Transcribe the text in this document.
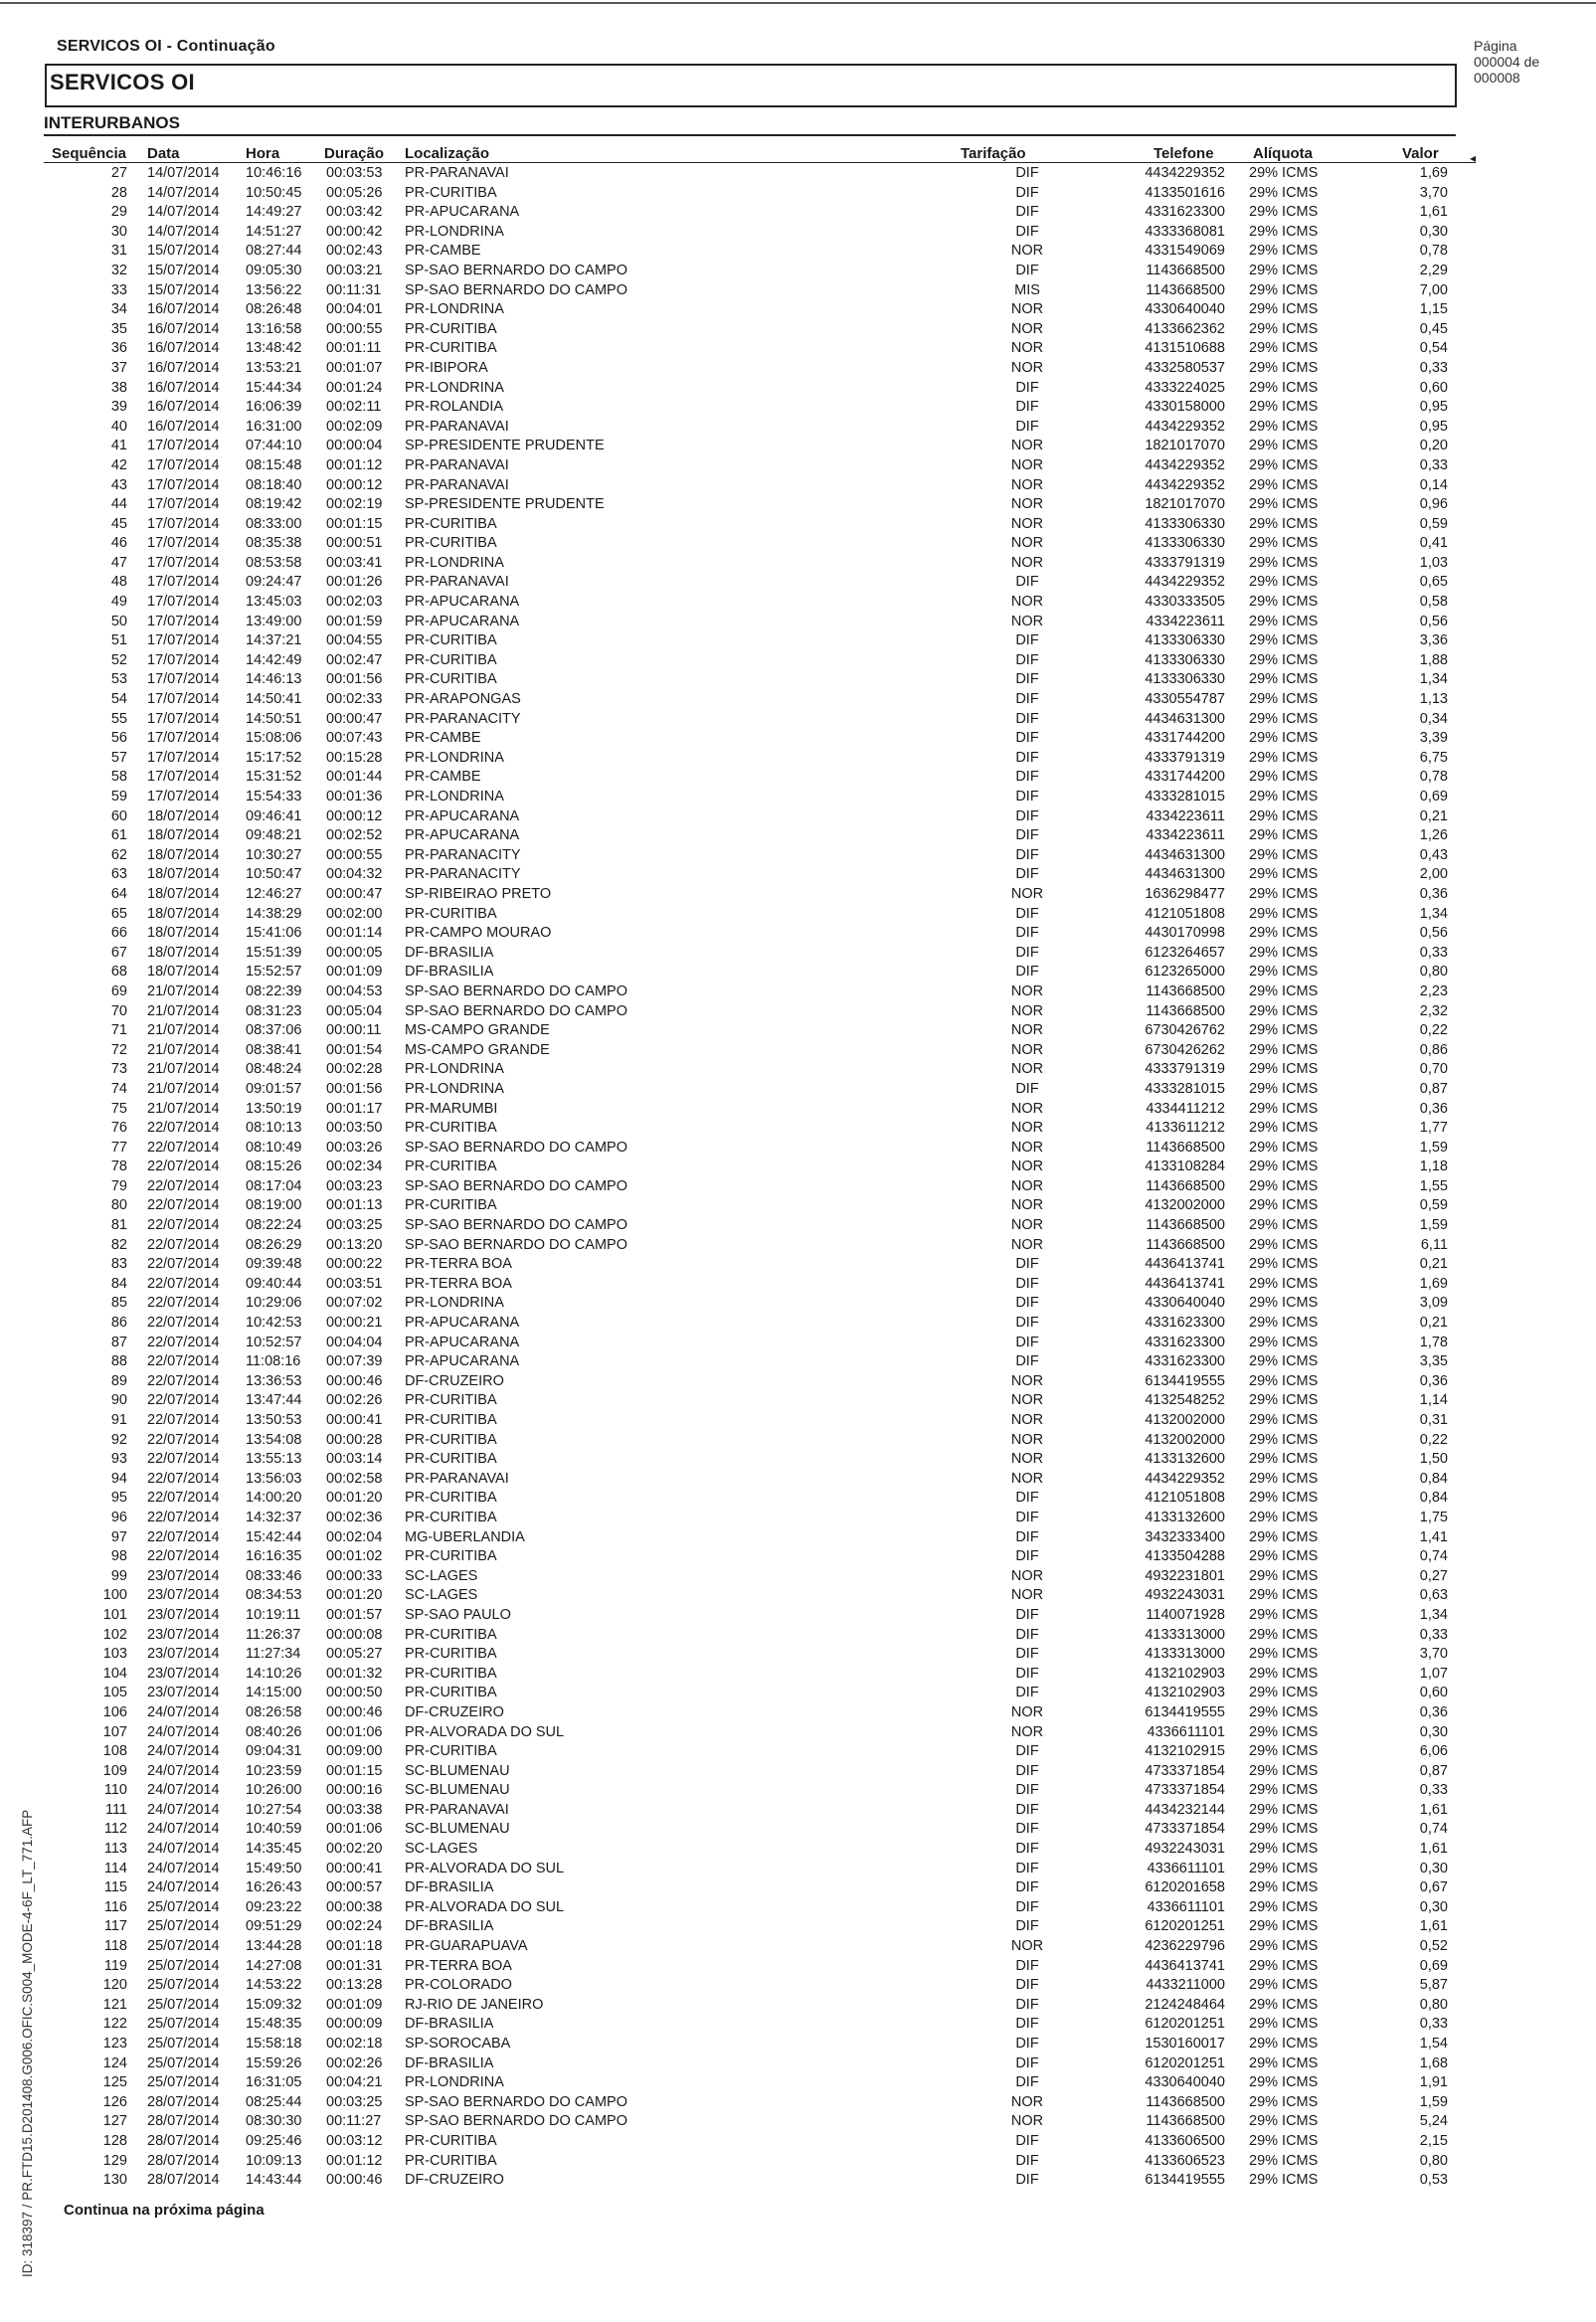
SERVICOS OI - Continuação
SERVICOS OI
INTERURBANOS
Página
000004 de
000008
Sequência Data	Hora	Duração Localização	Tarifação	Telefone	Alíquota	Valor	◂
27 14/07/2014 10:46:16 00:03:53 PR-PARANAVAI	DIF	4434229352 29% ICMS	1,69
28 14/07/2014 10:50:45 00:05:26 PR-CURITIBA	DIF	4133501616 29% ICMS	3,70
29 14/07/2014 14:49:27 00:03:42 PR-APUCARANA	DIF	4331623300 29% ICMS	1,61
30 14/07/2014 14:51:27 00:00:42 PR-LONDRINA	DIF	4333368081 29% ICMS	0,30
31 15/07/2014 08:27:44 00:02:43 PR-CAMBE	NOR	4331549069 29% ICMS	0,78
32 15/07/2014 09:05:30 00:03:21 SP-SAO BERNARDO DO CAMPO	DIF	1143668500 29% ICMS	2,29
33 15/07/2014 13:56:22 00:11:31 SP-SAO BERNARDO DO CAMPO	MIS	1143668500 29% ICMS	7,00
34 16/07/2014 08:26:48 00:04:01 PR-LONDRINA	NOR	4330640040 29% ICMS	1,15
35 16/07/2014 13:16:58 00:00:55 PR-CURITIBA	NOR	4133662362 29% ICMS	0,45
36 16/07/2014 13:48:42 00:01:11 PR-CURITIBA	NOR	4131510688 29% ICMS	0,54
37 16/07/2014 13:53:21 00:01:07 PR-IBIPORA	NOR	4332580537 29% ICMS	0,33
38 16/07/2014 15:44:34 00:01:24 PR-LONDRINA	DIF	4333224025 29% ICMS	0,60
39 16/07/2014 16:06:39 00:02:11 PR-ROLANDIA	DIF	4330158000 29% ICMS	0,95
40 16/07/2014 16:31:00 00:02:09 PR-PARANAVAI	DIF	4434229352 29% ICMS	0,95
41 17/07/2014 07:44:10 00:00:04 SP-PRESIDENTE PRUDENTE	NOR	1821017070 29% ICMS	0,20
42 17/07/2014 08:15:48 00:01:12 PR-PARANAVAI	NOR	4434229352 29% ICMS	0,33
43 17/07/2014 08:18:40 00:00:12 PR-PARANAVAI	NOR	4434229352 29% ICMS	0,14
44 17/07/2014 08:19:42 00:02:19 SP-PRESIDENTE PRUDENTE	NOR	1821017070 29% ICMS	0,96
45 17/07/2014 08:33:00 00:01:15 PR-CURITIBA	NOR	4133306330 29% ICMS	0,59
46 17/07/2014 08:35:38 00:00:51 PR-CURITIBA	NOR	4133306330 29% ICMS	0,41
47 17/07/2014 08:53:58 00:03:41 PR-LONDRINA	NOR	4333791319 29% ICMS	1,03
48 17/07/2014 09:24:47 00:01:26 PR-PARANAVAI	DIF	4434229352 29% ICMS	0,65
49 17/07/2014 13:45:03 00:02:03 PR-APUCARANA	NOR	4330333505 29% ICMS	0,58
50 17/07/2014 13:49:00 00:01:59 PR-APUCARANA	NOR	4334223611 29% ICMS	0,56
51 17/07/2014 14:37:21 00:04:55 PR-CURITIBA	DIF	4133306330 29% ICMS	3,36
52 17/07/2014 14:42:49 00:02:47 PR-CURITIBA	DIF	4133306330 29% ICMS	1,88
53 17/07/2014 14:46:13 00:01:56 PR-CURITIBA	DIF	4133306330 29% ICMS	1,34
54 17/07/2014 14:50:41 00:02:33 PR-ARAPONGAS	DIF	4330554787 29% ICMS	1,13
55 17/07/2014 14:50:51 00:00:47 PR-PARANACITY	DIF	4434631300 29% ICMS	0,34
56 17/07/2014 15:08:06 00:07:43 PR-CAMBE	DIF	4331744200 29% ICMS	3,39
57 17/07/2014 15:17:52 00:15:28 PR-LONDRINA	DIF	4333791319 29% ICMS	6,75
58 17/07/2014 15:31:52 00:01:44 PR-CAMBE	DIF	4331744200 29% ICMS	0,78
59 17/07/2014 15:54:33 00:01:36 PR-LONDRINA	DIF	4333281015 29% ICMS	0,69
60 18/07/2014 09:46:41 00:00:12 PR-APUCARANA	DIF	4334223611 29% ICMS	0,21
61 18/07/2014 09:48:21 00:02:52 PR-APUCARANA	DIF	4334223611 29% ICMS	1,26
62 18/07/2014 10:30:27 00:00:55 PR-PARANACITY	DIF	4434631300 29% ICMS	0,43
63 18/07/2014 10:50:47 00:04:32 PR-PARANACITY	DIF	4434631300 29% ICMS	2,00
64 18/07/2014 12:46:27 00:00:47 SP-RIBEIRAO PRETO	NOR	1636298477 29% ICMS	0,36
65 18/07/2014 14:38:29 00:02:00 PR-CURITIBA	DIF	4121051808 29% ICMS	1,34
66 18/07/2014 15:41:06 00:01:14 PR-CAMPO MOURAO	DIF	4430170998 29% ICMS	0,56
67 18/07/2014 15:51:39 00:00:05 DF-BRASILIA	DIF	6123264657 29% ICMS	0,33
68 18/07/2014 15:52:57 00:01:09 DF-BRASILIA	DIF	6123265000 29% ICMS	0,80
69 21/07/2014 08:22:39 00:04:53 SP-SAO BERNARDO DO CAMPO	NOR	1143668500 29% ICMS	2,23
70 21/07/2014 08:31:23 00:05:04 SP-SAO BERNARDO DO CAMPO	NOR	1143668500 29% ICMS	2,32
71 21/07/2014 08:37:06 00:00:11 MS-CAMPO GRANDE	NOR	6730426762 29% ICMS	0,22
72 21/07/2014 08:38:41 00:01:54 MS-CAMPO GRANDE	NOR	6730426262 29% ICMS	0,86
73 21/07/2014 08:48:24 00:02:28 PR-LONDRINA	NOR	4333791319 29% ICMS	0,70
74 21/07/2014 09:01:57 00:01:56 PR-LONDRINA	DIF	4333281015 29% ICMS	0,87
75 21/07/2014 13:50:19 00:01:17 PR-MARUMBI	NOR	4334411212 29% ICMS	0,36
76 22/07/2014 08:10:13 00:03:50 PR-CURITIBA	NOR	4133611212 29% ICMS	1,77
77 22/07/2014 08:10:49 00:03:26 SP-SAO BERNARDO DO CAMPO	NOR	1143668500 29% ICMS	1,59
78 22/07/2014 08:15:26 00:02:34 PR-CURITIBA	NOR	4133108284 29% ICMS	1,18
79 22/07/2014 08:17:04 00:03:23 SP-SAO BERNARDO DO CAMPO	NOR	1143668500 29% ICMS	1,55
80 22/07/2014 08:19:00 00:01:13 PR-CURITIBA	NOR	4132002000 29% ICMS	0,59
81 22/07/2014 08:22:24 00:03:25 SP-SAO BERNARDO DO CAMPO	NOR	1143668500 29% ICMS	1,59
82 22/07/2014 08:26:29 00:13:20 SP-SAO BERNARDO DO CAMPO	NOR	1143668500 29% ICMS	6,11
83 22/07/2014 09:39:48 00:00:22 PR-TERRA BOA	DIF	4436413741 29% ICMS	0,21
84 22/07/2014 09:40:44 00:03:51 PR-TERRA BOA	DIF	4436413741 29% ICMS	1,69
85 22/07/2014 10:29:06 00:07:02 PR-LONDRINA	DIF	4330640040 29% ICMS	3,09
86 22/07/2014 10:42:53 00:00:21 PR-APUCARANA	DIF	4331623300 29% ICMS	0,21
87 22/07/2014 10:52:57 00:04:04 PR-APUCARANA	DIF	4331623300 29% ICMS	1,78
88 22/07/2014 11:08:16 00:07:39 PR-APUCARANA	DIF	4331623300 29% ICMS	3,35
89 22/07/2014 13:36:53 00:00:46 DF-CRUZEIRO	NOR	6134419555 29% ICMS	0,36
90 22/07/2014 13:47:44 00:02:26 PR-CURITIBA	NOR	4132548252 29% ICMS	1,14
91 22/07/2014 13:50:53 00:00:41 PR-CURITIBA	NOR	4132002000 29% ICMS	0,31
92 22/07/2014 13:54:08 00:00:28 PR-CURITIBA	NOR	4132002000 29% ICMS	0,22
93 22/07/2014 13:55:13 00:03:14 PR-CURITIBA	NOR	4133132600 29% ICMS	1,50
94 22/07/2014 13:56:03 00:02:58 PR-PARANAVAI	NOR	4434229352 29% ICMS	0,84
95 22/07/2014 14:00:20 00:01:20 PR-CURITIBA	DIF	4121051808 29% ICMS	0,84
96 22/07/2014 14:32:37 00:02:36 PR-CURITIBA	DIF	4133132600 29% ICMS	1,75
97 22/07/2014 15:42:44 00:02:04 MG-UBERLANDIA	DIF	3432333400 29% ICMS	1,41
98 22/07/2014 16:16:35 00:01:02 PR-CURITIBA	DIF	4133504288 29% ICMS	0,74
99 23/07/2014 08:33:46 00:00:33 SC-LAGES	NOR	4932231801 29% ICMS	0,27
100 23/07/2014 08:34:53 00:01:20 SC-LAGES	NOR	4932243031 29% ICMS	0,63
101 23/07/2014 10:19:11 00:01:57 SP-SAO PAULO	DIF	1140071928 29% ICMS	1,34
102 23/07/2014 11:26:37 00:00:08 PR-CURITIBA	DIF	4133313000 29% ICMS	0,33
103 23/07/2014 11:27:34 00:05:27 PR-CURITIBA	DIF	4133313000 29% ICMS	3,70
104 23/07/2014 14:10:26 00:01:32 PR-CURITIBA	DIF	4132102903 29% ICMS	1,07
105 23/07/2014 14:15:00 00:00:50 PR-CURITIBA	DIF	4132102903 29% ICMS	0,60
106 24/07/2014 08:26:58 00:00:46 DF-CRUZEIRO	NOR	6134419555 29% ICMS	0,36
107 24/07/2014 08:40:26 00:01:06 PR-ALVORADA DO SUL	NOR	4336611101 29% ICMS	0,30
108 24/07/2014 09:04:31 00:09:00 PR-CURITIBA	DIF	4132102915 29% ICMS	6,06
109 24/07/2014 10:23:59 00:01:15 SC-BLUMENAU	DIF	4733371854 29% ICMS	0,87
110 24/07/2014 10:26:00 00:00:16 SC-BLUMENAU	DIF	4733371854 29% ICMS	0,33
111 24/07/2014 10:27:54 00:03:38 PR-PARANAVAI	DIF	4434232144 29% ICMS	1,61
112 24/07/2014 10:40:59 00:01:06 SC-BLUMENAU	DIF	4733371854 29% ICMS	0,74
113 24/07/2014 14:35:45 00:02:20 SC-LAGES	DIF	4932243031 29% ICMS	1,61
114 24/07/2014 15:49:50 00:00:41 PR-ALVORADA DO SUL	DIF	4336611101 29% ICMS	0,30
115 24/07/2014 16:26:43 00:00:57 DF-BRASILIA	DIF	6120201658 29% ICMS	0,67
116 25/07/2014 09:23:22 00:00:38 PR-ALVORADA DO SUL	DIF	4336611101 29% ICMS	0,30
117 25/07/2014 09:51:29 00:02:24 DF-BRASILIA	DIF	6120201251 29% ICMS	1,61
118 25/07/2014 13:44:28 00:01:18 PR-GUARAPUAVA	NOR	4236229796 29% ICMS	0,52
119 25/07/2014 14:27:08 00:01:31 PR-TERRA BOA	DIF	4436413741 29% ICMS	0,69
120 25/07/2014 14:53:22 00:13:28 PR-COLORADO	DIF	4433211000 29% ICMS	5,87
121 25/07/2014 15:09:32 00:01:09 RJ-RIO DE JANEIRO	DIF	2124248464 29% ICMS	0,80
122 25/07/2014 15:48:35 00:00:09 DF-BRASILIA	DIF	6120201251 29% ICMS	0,33
123 25/07/2014 15:58:18 00:02:18 SP-SOROCABA	DIF	1530160017 29% ICMS	1,54
124 25/07/2014 15:59:26 00:02:26 DF-BRASILIA	DIF	6120201251 29% ICMS	1,68
125 25/07/2014 16:31:05 00:04:21 PR-LONDRINA	DIF	4330640040 29% ICMS	1,91
126 28/07/2014 08:25:44 00:03:25 SP-SAO BERNARDO DO CAMPO	NOR	1143668500 29% ICMS	1,59
127 28/07/2014 08:30:30 00:11:27 SP-SAO BERNARDO DO CAMPO	NOR	1143668500 29% ICMS	5,24
128 28/07/2014 09:25:46 00:03:12 PR-CURITIBA	DIF	4133606500 29% ICMS	2,15
129 28/07/2014 10:09:13 00:01:12 PR-CURITIBA	DIF	4133606523 29% ICMS	0,80
130 28/07/2014 14:43:44 00:00:46 DF-CRUZEIRO	DIF	6134419555 29% ICMS	0,53
Continua na próxima página
ID: 318397 / PR.FTD15.D201408.G006.OFIC.S004_MODE-4-6F_LT_771.AFP
